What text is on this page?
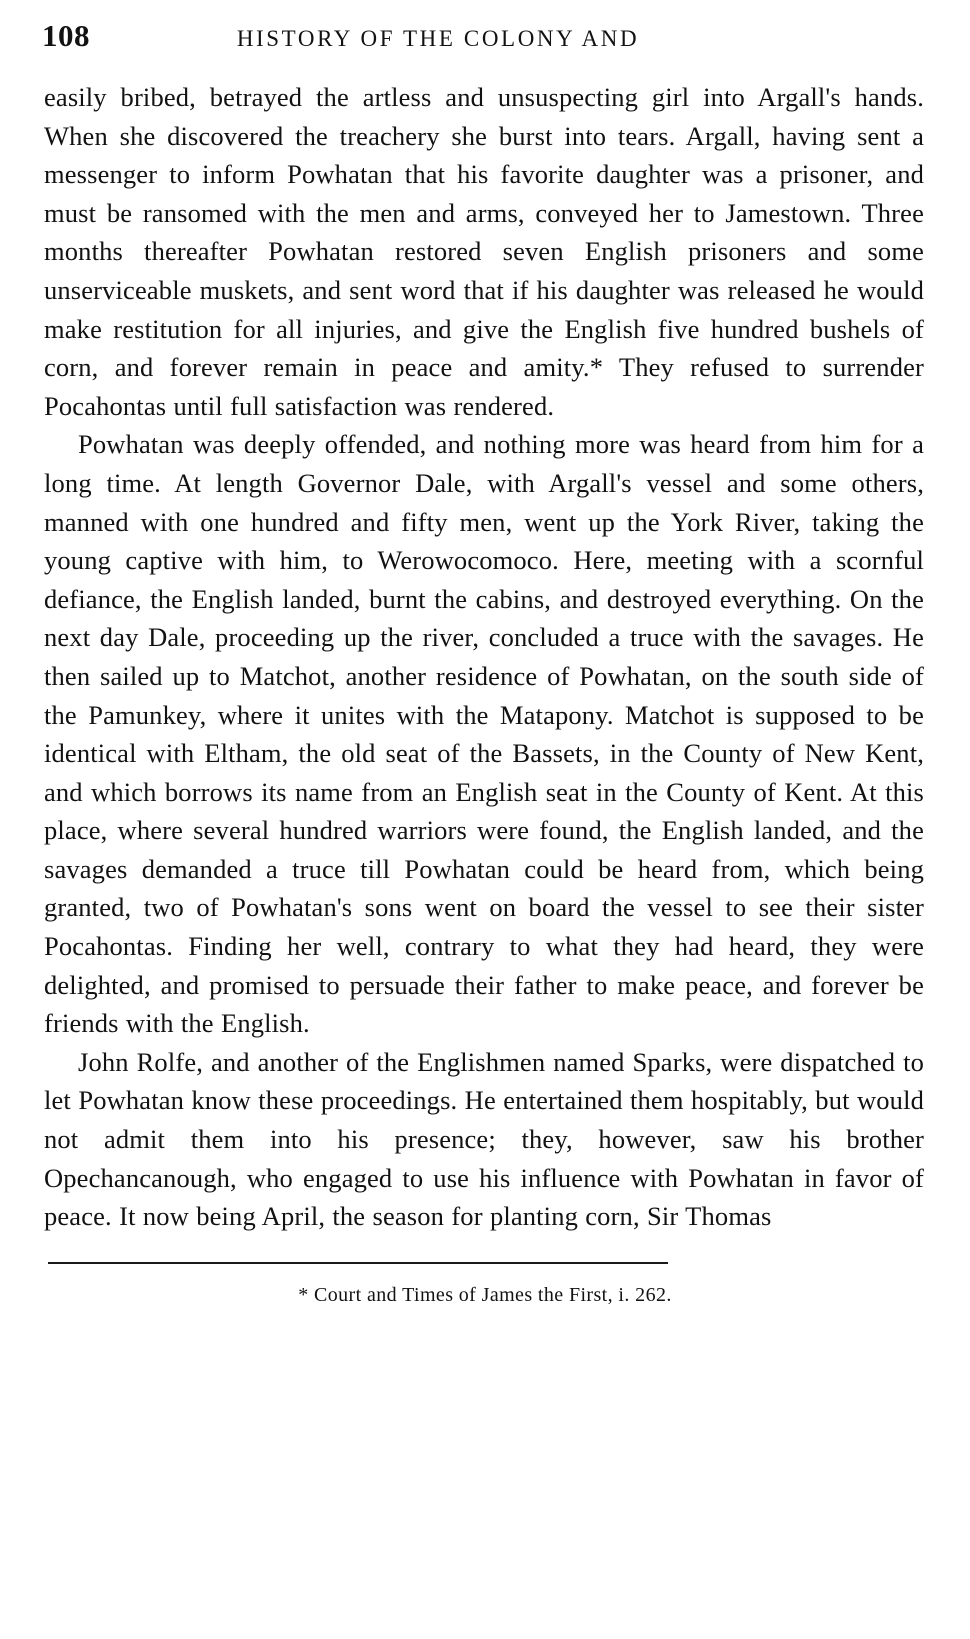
108	HISTORY OF THE COLONY AND

easily bribed, betrayed the artless and unsuspecting girl into Argall's hands. When she discovered the treachery she burst into tears. Argall, having sent a messenger to inform Powhatan that his favorite daughter was a prisoner, and must be ransomed with the men and arms, conveyed her to Jamestown. Three months thereafter Powhatan restored seven English prisoners and some unserviceable muskets, and sent word that if his daughter was released he would make restitution for all injuries, and give the English five hundred bushels of corn, and forever remain in peace and amity.* They refused to surrender Pocahontas until full satisfaction was rendered.

Powhatan was deeply offended, and nothing more was heard from him for a long time. At length Governor Dale, with Argall's vessel and some others, manned with one hundred and fifty men, went up the York River, taking the young captive with him, to Werowocomoco. Here, meeting with a scornful defiance, the English landed, burnt the cabins, and destroyed everything. On the next day Dale, proceeding up the river, concluded a truce with the savages. He then sailed up to Matchot, another residence of Powhatan, on the south side of the Pamunkey, where it unites with the Matapony. Matchot is supposed to be identical with Eltham, the old seat of the Bassets, in the County of New Kent, and which borrows its name from an English seat in the County of Kent. At this place, where several hundred warriors were found, the English landed, and the savages demanded a truce till Powhatan could be heard from, which being granted, two of Powhatan's sons went on board the vessel to see their sister Pocahontas. Finding her well, contrary to what they had heard, they were delighted, and promised to persuade their father to make peace, and forever be friends with the English.

John Rolfe, and another of the Englishmen named Sparks, were dispatched to let Powhatan know these proceedings. He entertained them hospitably, but would not admit them into his presence; they, however, saw his brother Opechancanough, who engaged to use his influence with Powhatan in favor of peace. It now being April, the season for planting corn, Sir Thomas

* Court and Times of James the First, i. 262.
